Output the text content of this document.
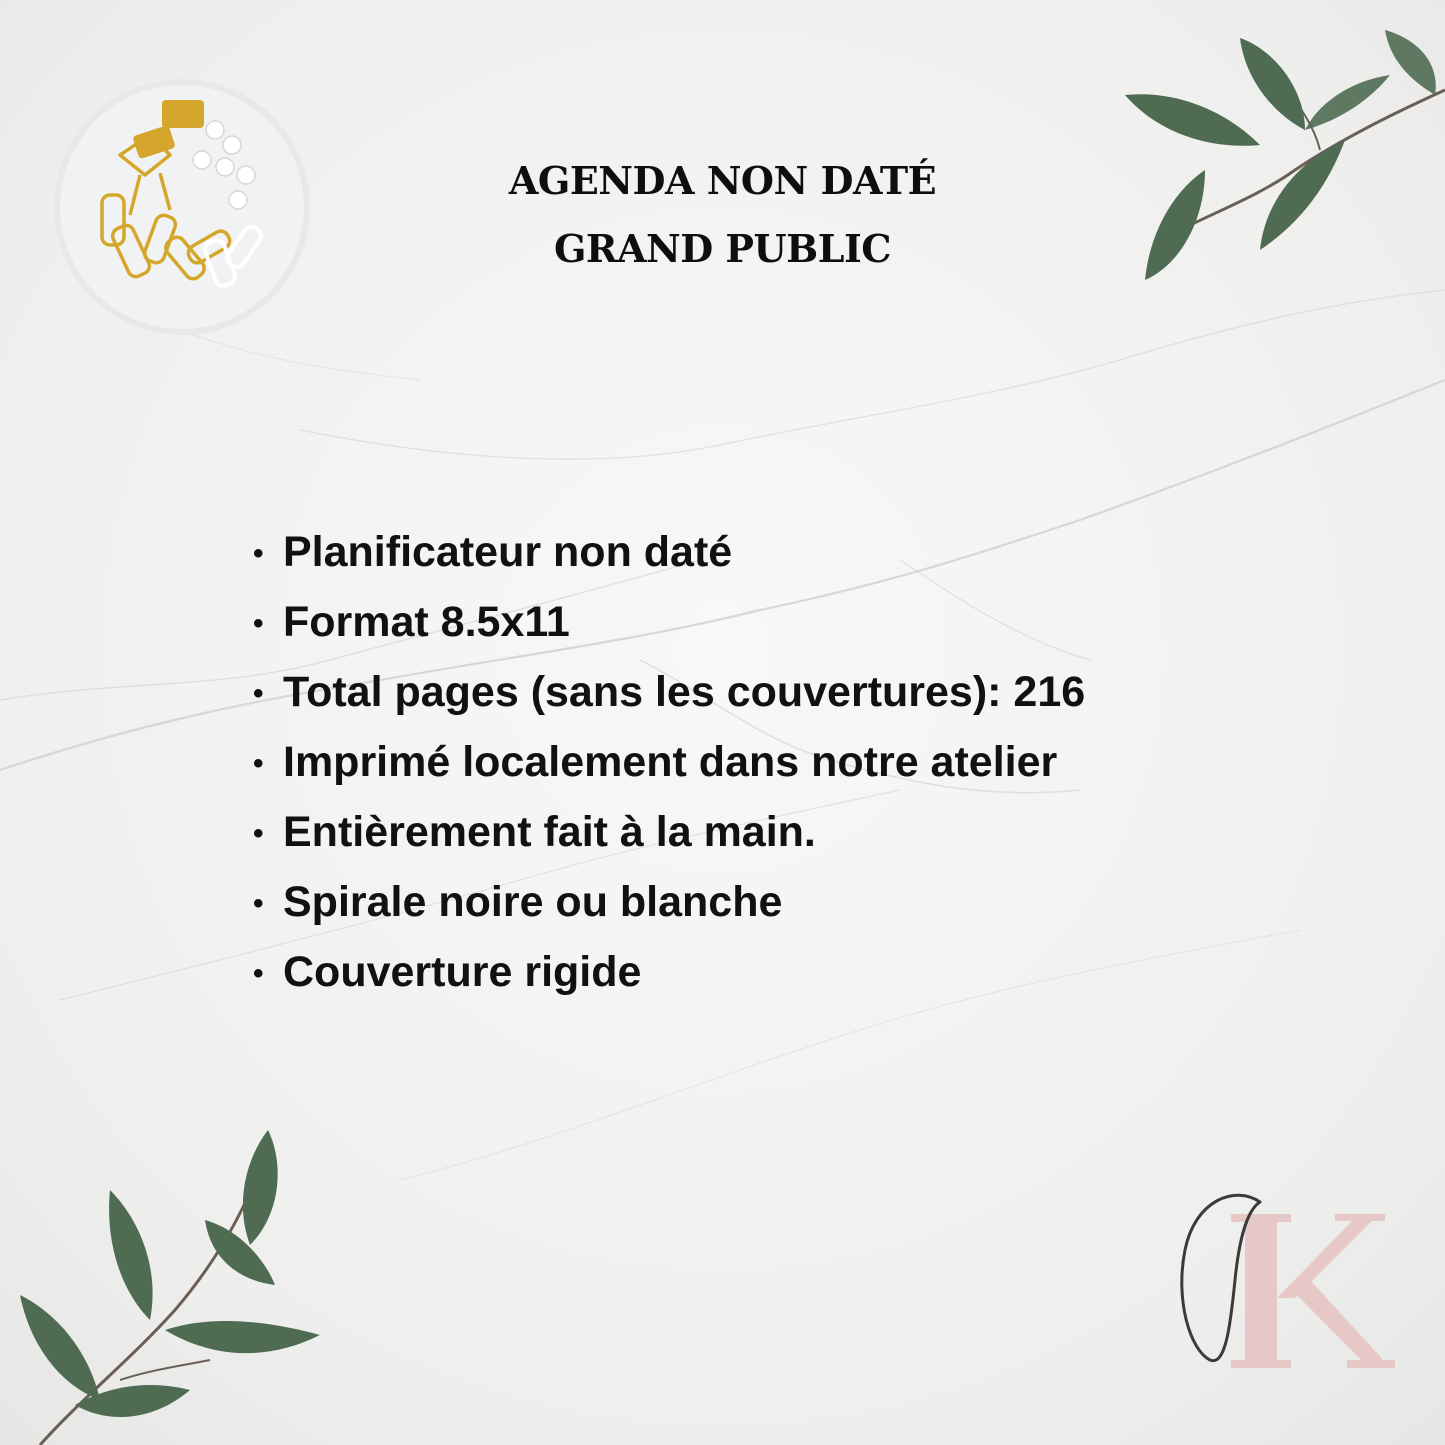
AGENDA NON DATÉ
GRAND PUBLIC
• Planificateur non daté
• Format 8.5x11
• Total pages (sans les couvertures): 216
• Imprimé localement dans notre atelier
• Entièrement fait à la main.
• Spirale noire ou blanche
• Couverture rigide
